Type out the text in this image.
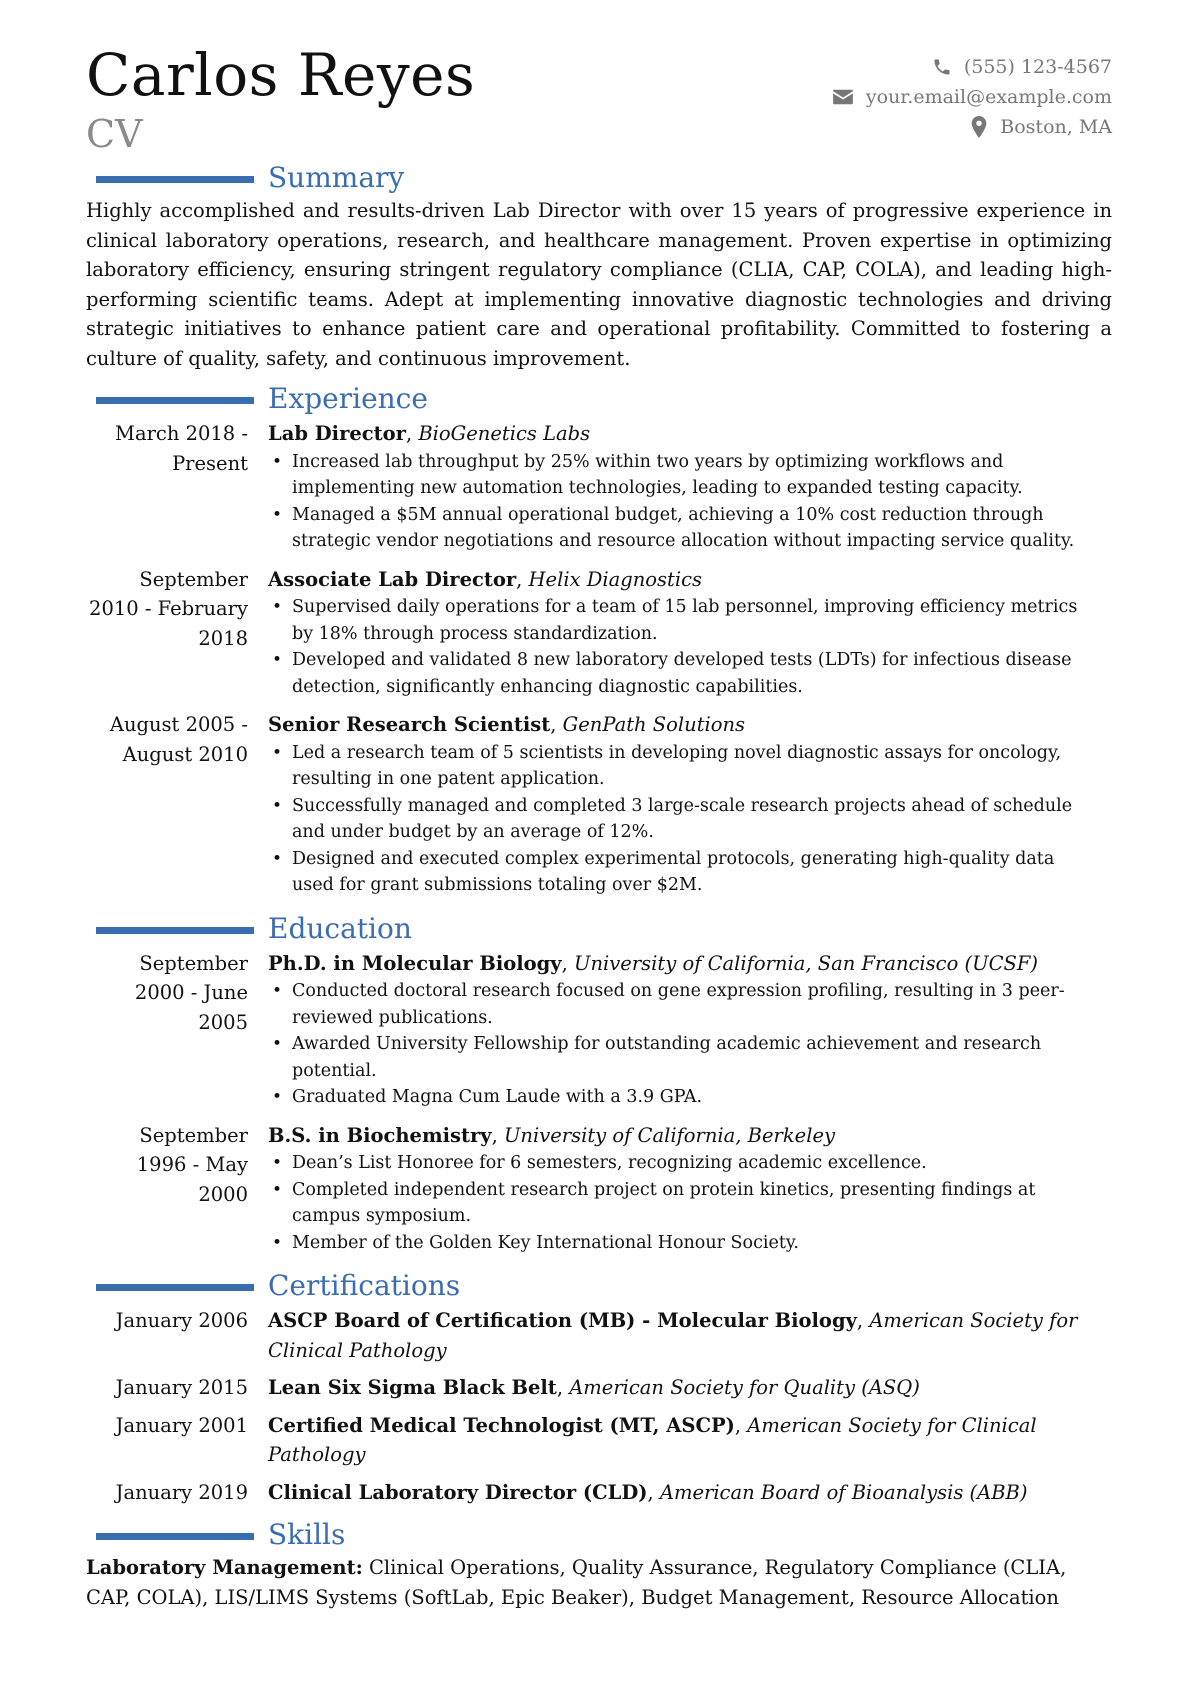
Carlos Reyes
CV
(555) 123-4567
your.email@example.com
Boston, MA
Summary
Highly accomplished and results-driven Lab Director with over 15 years of progressive experience in clinical laboratory operations, research, and healthcare management. Proven expertise in optimizing laboratory efficiency, ensuring stringent regulatory compliance (CLIA, CAP, COLA), and leading high-performing scientific teams. Adept at implementing innovative diagnostic technologies and driving strategic initiatives to enhance patient care and operational profitability. Committed to fostering a culture of quality, safety, and continuous improvement.
Experience
March 2018 - Present
Lab Director, BioGenetics Labs
• Increased lab throughput by 25% within two years by optimizing workflows and implementing new automation technologies, leading to expanded testing capacity.
• Managed a $5M annual operational budget, achieving a 10% cost reduction through strategic vendor negotiations and resource allocation without impacting service quality.
September 2010 - February 2018
Associate Lab Director, Helix Diagnostics
• Supervised daily operations for a team of 15 lab personnel, improving efficiency metrics by 18% through process standardization.
• Developed and validated 8 new laboratory developed tests (LDTs) for infectious disease detection, significantly enhancing diagnostic capabilities.
August 2005 - August 2010
Senior Research Scientist, GenPath Solutions
• Led a research team of 5 scientists in developing novel diagnostic assays for oncology, resulting in one patent application.
• Successfully managed and completed 3 large-scale research projects ahead of schedule and under budget by an average of 12%.
• Designed and executed complex experimental protocols, generating high-quality data used for grant submissions totaling over $2M.
Education
September 2000 - June 2005
Ph.D. in Molecular Biology, University of California, San Francisco (UCSF)
• Conducted doctoral research focused on gene expression profiling, resulting in 3 peer-reviewed publications.
• Awarded University Fellowship for outstanding academic achievement and research potential.
• Graduated Magna Cum Laude with a 3.9 GPA.
September 1996 - May 2000
B.S. in Biochemistry, University of California, Berkeley
• Dean’s List Honoree for 6 semesters, recognizing academic excellence.
• Completed independent research project on protein kinetics, presenting findings at campus symposium.
• Member of the Golden Key International Honour Society.
Certifications
January 2006	ASCP Board of Certification (MB) - Molecular Biology, American Society for Clinical Pathology
January 2015	Lean Six Sigma Black Belt, American Society for Quality (ASQ)
January 2001	Certified Medical Technologist (MT, ASCP), American Society for Clinical Pathology
January 2019	Clinical Laboratory Director (CLD), American Board of Bioanalysis (ABB)
Skills
Laboratory Management: Clinical Operations, Quality Assurance, Regulatory Compliance (CLIA, CAP, COLA), LIS/LIMS Systems (SoftLab, Epic Beaker), Budget Management, Resource Allocation
